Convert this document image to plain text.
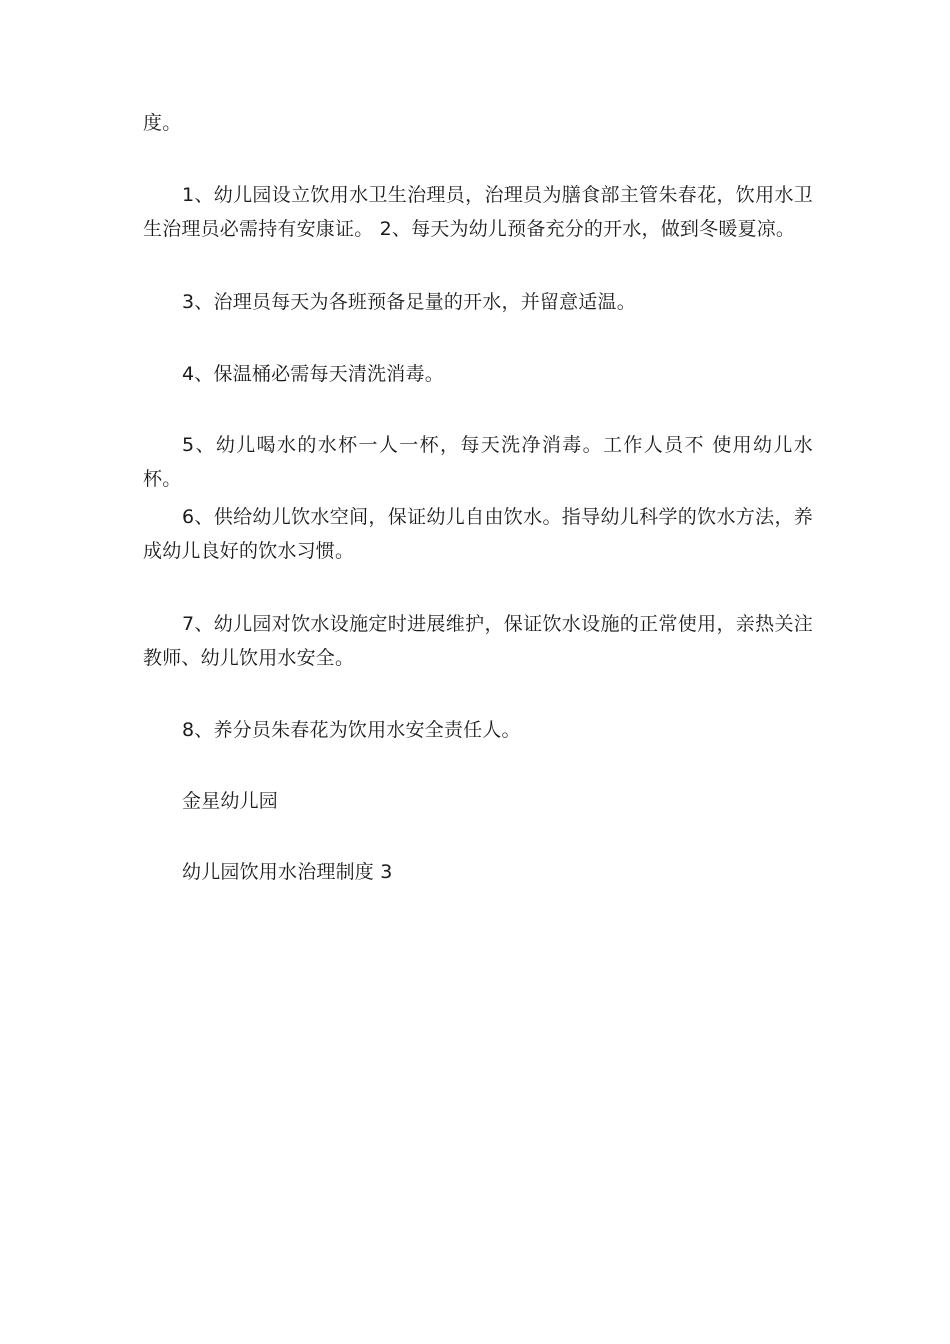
度。

1、幼儿园设立饮用水卫生治理员，治理员为膳食部主管朱春花，饮用水卫生治理员必需持有安康证。 2、每天为幼儿预备充分的开水，做到冬暖夏凉。

3、治理员每天为各班预备足量的开水，并留意适温。

4、保温桶必需每天清洗消毒。

5、幼儿喝水的水杯一人一杯，每天洗净消毒。工作人员不 使用幼儿水杯。

6、供给幼儿饮水空间，保证幼儿自由饮水。指导幼儿科学的饮水方法，养成幼儿良好的饮水习惯。

7、幼儿园对饮水设施定时进展维护，保证饮水设施的正常使用，亲热关注教师、幼儿饮用水安全。

8、养分员朱春花为饮用水安全责任人。

金星幼儿园

幼儿园饮用水治理制度 3
